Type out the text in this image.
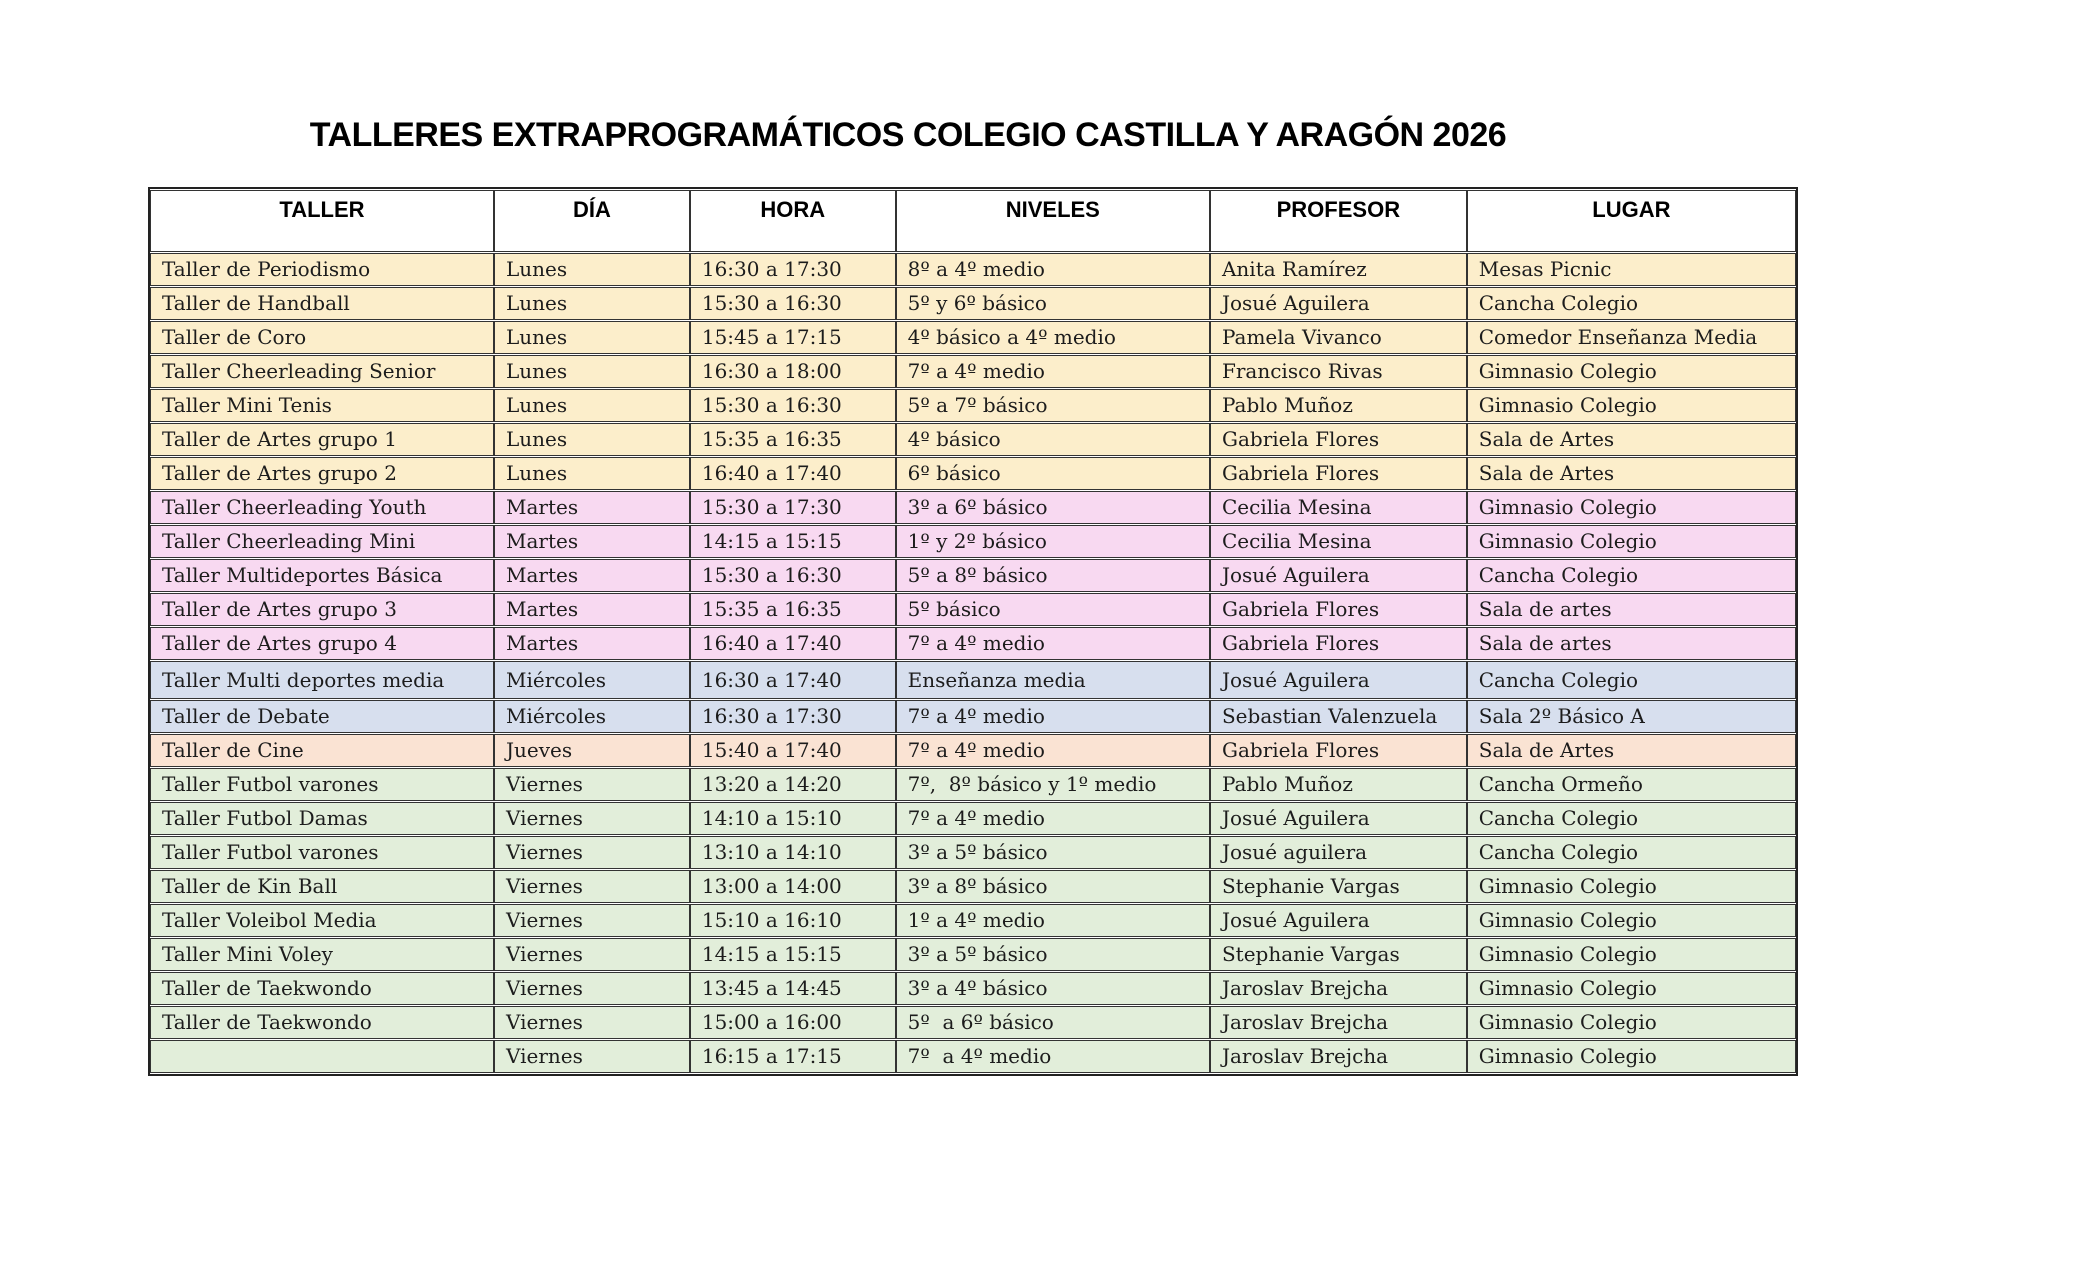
TALLERES EXTRAPROGRAMÁTICOS COLEGIO CASTILLA Y ARAGÓN 2026
TALLER	DÍA	HORA	NIVELES	PROFESOR	LUGAR
Taller de Periodismo	Lunes	16:30 a 17:30	8º a 4º medio	Anita Ramírez	Mesas Picnic
Taller de Handball	Lunes	15:30 a 16:30	5º y 6º básico	Josué Aguilera	Cancha Colegio
Taller de Coro	Lunes	15:45 a 17:15	4º básico a 4º medio	Pamela Vivanco	Comedor Enseñanza Media
Taller Cheerleading Senior	Lunes	16:30 a 18:00	7º a 4º medio	Francisco Rivas	Gimnasio Colegio
Taller Mini Tenis	Lunes	15:30 a 16:30	5º a 7º básico	Pablo Muñoz	Gimnasio Colegio
Taller de Artes grupo 1	Lunes	15:35 a 16:35	4º básico	Gabriela Flores	Sala de Artes
Taller de Artes grupo 2	Lunes	16:40 a 17:40	6º básico	Gabriela Flores	Sala de Artes
Taller Cheerleading Youth	Martes	15:30 a 17:30	3º a 6º básico	Cecilia Mesina	Gimnasio Colegio
Taller Cheerleading Mini	Martes	14:15 a 15:15	1º y 2º básico	Cecilia Mesina	Gimnasio Colegio
Taller Multideportes Básica	Martes	15:30 a 16:30	5º a 8º básico	Josué Aguilera	Cancha Colegio
Taller de Artes grupo 3	Martes	15:35 a 16:35	5º básico	Gabriela Flores	Sala de artes
Taller de Artes grupo 4	Martes	16:40 a 17:40	7º a 4º medio	Gabriela Flores	Sala de artes
Taller Multi deportes media	Miércoles	16:30 a 17:40	Enseñanza media	Josué Aguilera	Cancha Colegio
Taller de Debate	Miércoles	16:30 a 17:30	7º a 4º medio	Sebastian Valenzuela	Sala 2º Básico A
Taller de Cine	Jueves	15:40 a 17:40	7º a 4º medio	Gabriela Flores	Sala de Artes
Taller Futbol varones	Viernes	13:20 a 14:20	7º,  8º básico y 1º medio	Pablo Muñoz	Cancha Ormeño
Taller Futbol Damas	Viernes	14:10 a 15:10	7º a 4º medio	Josué Aguilera	Cancha Colegio
Taller Futbol varones	Viernes	13:10 a 14:10	3º a 5º básico	Josué aguilera	Cancha Colegio
Taller de Kin Ball	Viernes	13:00 a 14:00	3º a 8º básico	Stephanie Vargas	Gimnasio Colegio
Taller Voleibol Media	Viernes	15:10 a 16:10	1º a 4º medio	Josué Aguilera	Gimnasio Colegio
Taller Mini Voley	Viernes	14:15 a 15:15	3º a 5º básico	Stephanie Vargas	Gimnasio Colegio
Taller de Taekwondo	Viernes	13:45 a 14:45	3º a 4º básico	Jaroslav Brejcha	Gimnasio Colegio
Taller de Taekwondo	Viernes	15:00 a 16:00	5º  a 6º básico	Jaroslav Brejcha	Gimnasio Colegio
	Viernes	16:15 a 17:15	7º  a 4º medio	Jaroslav Brejcha	Gimnasio Colegio
